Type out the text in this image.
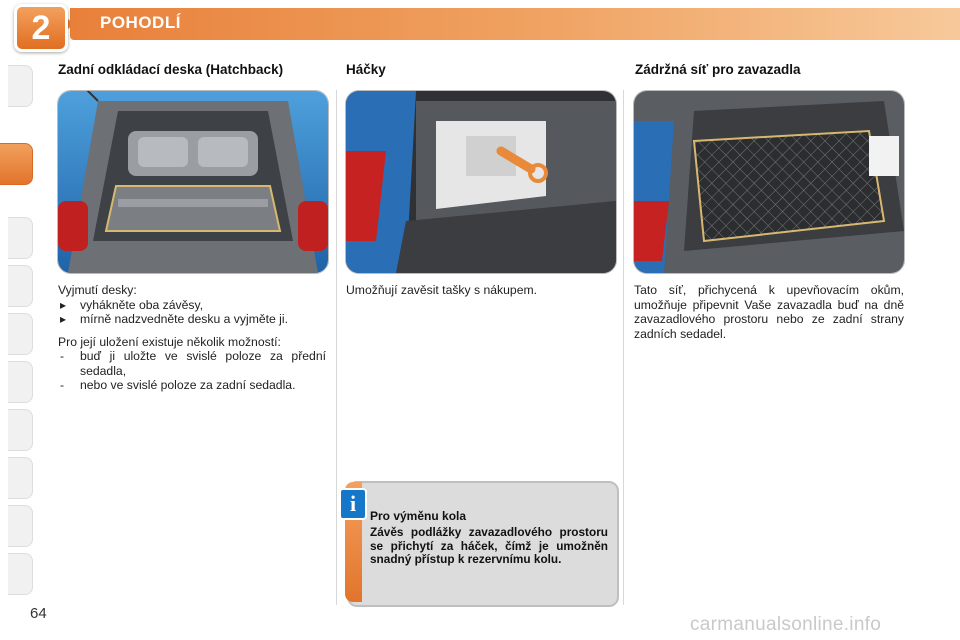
2	POHODLÍ
Zadní odkládací deska (Hatchback)

Vyjmutí desky:

▸ vyhákněte oba závěsy,
▸ mírně nadzvedněte desku a vyjměte ji.

Pro její uložení existuje několik možností:

- buď ji uložte ve svislé poloze za přední sedadla,
- nebo ve svislé poloze za zadní sedadla.
Háčky
Umožňují zavěsit tašky s nákupem.
Zádržná síť pro zavazadla
Tato síť, přichycená k upevňovacím okům, umožňuje připevnit Vaše zavazadla buď na dně zavazadlového prostoru nebo ze zadní strany zadních sedadel.
i	Pro výměnu kola
Závěs podlážky zavazadlového prostoru se přichytí za háček, čímž je umožněn snadný přístup k rezervnímu kolu.
64
carmanualsonline.info
